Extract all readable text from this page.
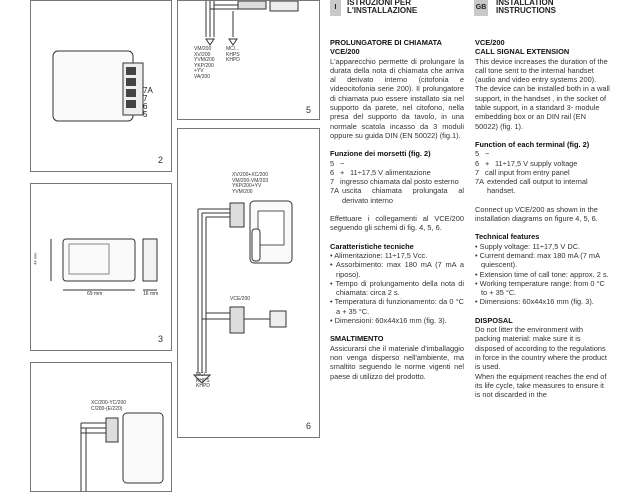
7A
7
6
5
2
44 mm
69 mm	16 mm
3
XC/200-YC/200
C/200-(E/220)
VM/200
XV/200
YVM/200
YKP/200
+YV
VA/200
MC/...
KHPS
KHPD
5
XV/200+XC/200
VM/200-VM/203
YKP/200+YV
YVM/200
VCE/200
MC/...
KHPS
KHPD
6
I
ISTRUZIONI PER
L'INSTALLAZIONE
PROLUNGATORE DI CHIAMATA
VCE/200

L'apparecchio permette di prolungare la durata della nota di chiamata che arriva al derivato interno (citofonia e videocitofonia serie 200). Il prolungatore di chiamata puo essere installato sia nel supporto da parete, nel citofono, nella presa del supporto da tavolo, in una normale scatola incasso da 3 moduli oppure su guida DIN (EN 50022) (fig.1).

Funzione dei morsetti (fig. 2)
5 −
6 + 11÷17,5 V alimentazione
7 ingresso chiamata dal posto esterno
7A uscita chiamata prolungata al derivato interno

Effettuare i collegamenti al VCE/200 seguendo gli schemi di fig. 4, 5, 6.

Caratteristiche tecniche
• Alimentazione: 11÷17,5 Vcc.
• Assorbimento: max 180 mA (7 mA a riposo).
• Tempo di prolungamento della nota di chiamata: circa 2 s.
• Temperatura di funzionamento: da 0 °C a + 35 °C.
• Dimensioni: 60x44x16 mm (fig. 3).
SMALTIMENTO

Assicurarsi che il materiale d'imballaggio non venga disperso nell'ambiente, ma smaltito seguendo le norme vigenti nel paese di utilizzo del prodotto.

GB
INSTALLATION
INSTRUCTIONS
VCE/200
CALL SIGNAL EXTENSION

This device increases the duration of the call tone sent to the internal handset (audio and video entry systems 200). The device can be installed both in a wall support, in the handset , in the socket of table support, in a standard 3- module embedding box or an DIN rail (EN 50022) (fig. 1).

Function of each terminal (fig. 2)
5 −
6 + 11÷17,5 V supply voltage
7 call input from entry panel
7A extended call output to internal handset.

Connect up VCE/200 as shown in the installation diagrams on figure 4, 5, 6.

Technical features
• Supply voltage: 11÷17,5 V DC.
• Current demand: max 180 mA (7 mA quiescent).
• Extension time of call tone: approx. 2 s.
• Working temperature range: from 0 °C to + 35 °C.
• Dimensions: 60x44x16 mm (fig. 3).
DISPOSAL

Do not litter the environment with packing material: make sure it is disposed of according to the regulations in force in the country where the product is used.
When the equipment reaches the end of its life cycle, take measures to ensure it is not discarded in the
